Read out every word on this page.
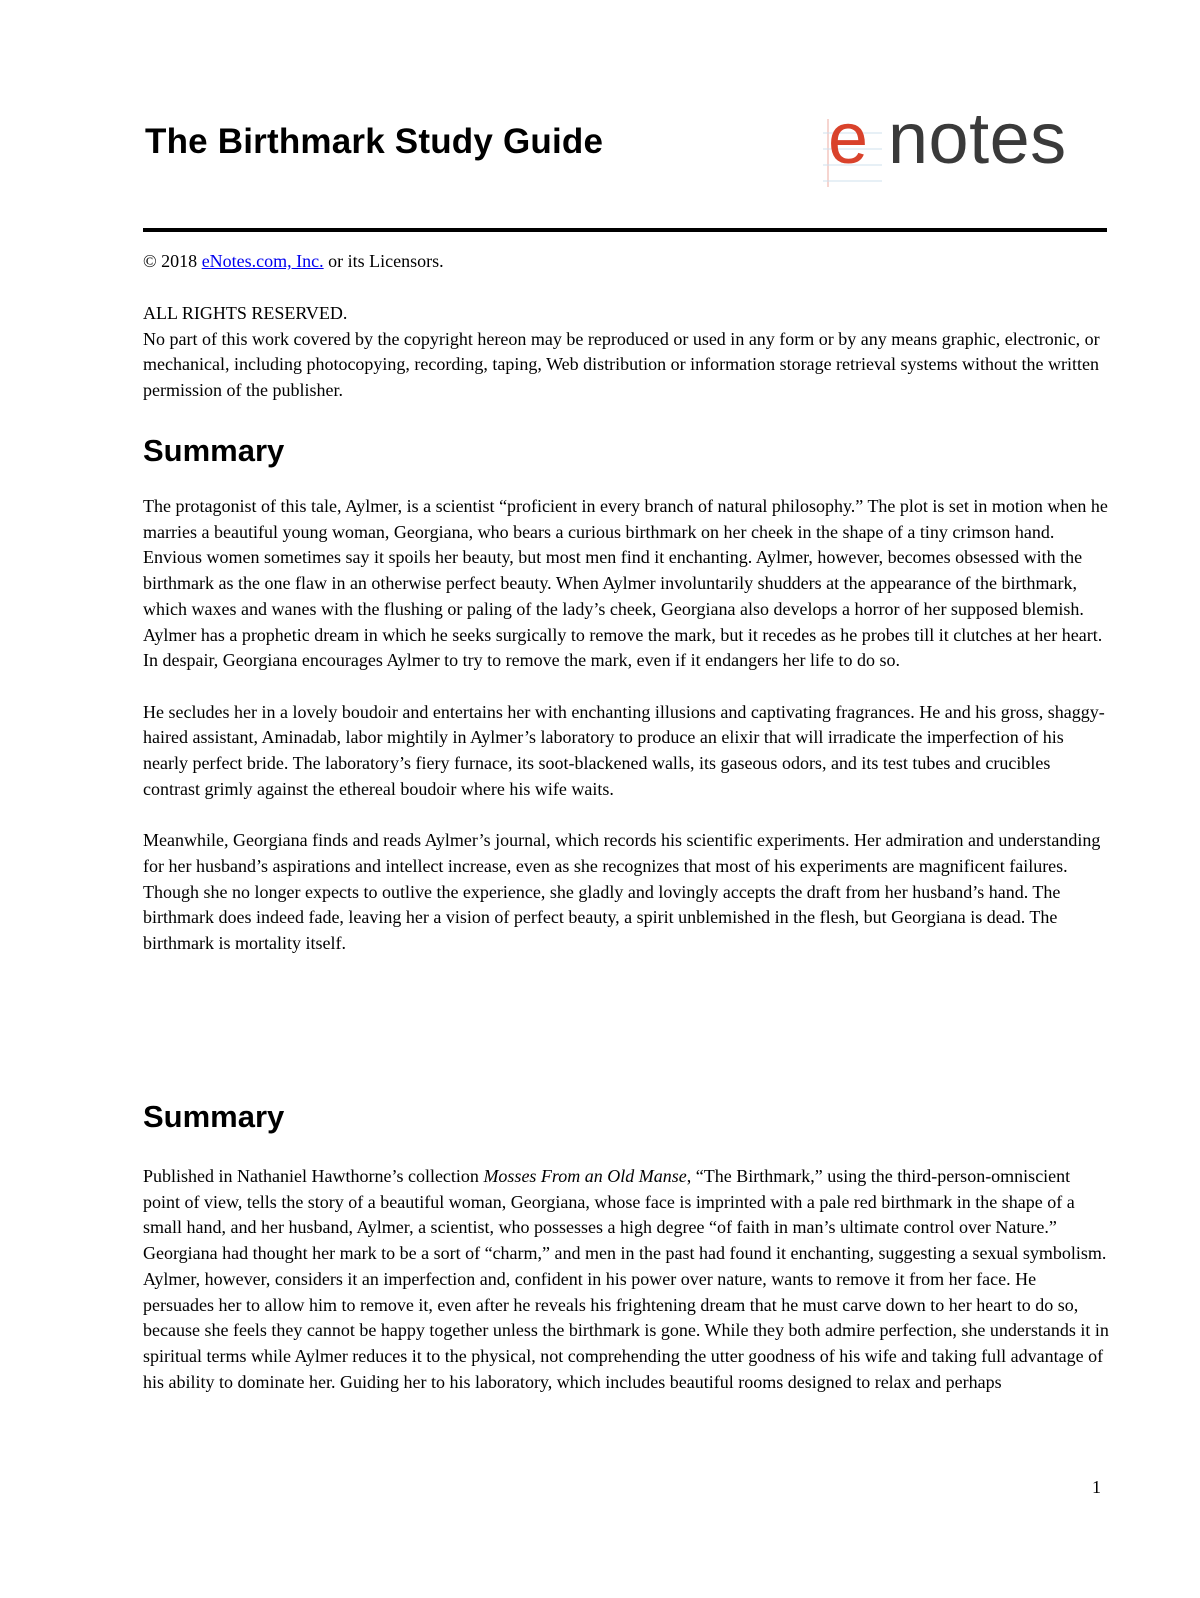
The Birthmark Study Guide	e notes

© 2018 eNotes.com, Inc. or its Licensors.

ALL RIGHTS RESERVED.

No part of this work covered by the copyright hereon may be reproduced or used in any form or by any means graphic, electronic, or mechanical, including photocopying, recording, taping, Web distribution or information storage retrieval systems without the written permission of the publisher.

Summary

The protagonist of this tale, Aylmer, is a scientist “proficient in every branch of natural philosophy.” The plot is set in motion when he marries a beautiful young woman, Georgiana, who bears a curious birthmark on her cheek in the shape of a tiny crimson hand. Envious women sometimes say it spoils her beauty, but most men find it enchanting. Aylmer, however, becomes obsessed with the birthmark as the one flaw in an otherwise perfect beauty. When Aylmer involuntarily shudders at the appearance of the birthmark, which waxes and wanes with the flushing or paling of the lady’s cheek, Georgiana also develops a horror of her supposed blemish. Aylmer has a prophetic dream in which he seeks surgically to remove the mark, but it recedes as he probes till it clutches at her heart. In despair, Georgiana encourages Aylmer to try to remove the mark, even if it endangers her life to do so.

He secludes her in a lovely boudoir and entertains her with enchanting illusions and captivating fragrances. He and his gross, shaggy-haired assistant, Aminadab, labor mightily in Aylmer’s laboratory to produce an elixir that will irradicate the imperfection of his nearly perfect bride. The laboratory’s fiery furnace, its soot-blackened walls, its gaseous odors, and its test tubes and crucibles contrast grimly against the ethereal boudoir where his wife waits.

Meanwhile, Georgiana finds and reads Aylmer’s journal, which records his scientific experiments. Her admiration and understanding for her husband’s aspirations and intellect increase, even as she recognizes that most of his experiments are magnificent failures. Though she no longer expects to outlive the experience, she gladly and lovingly accepts the draft from her husband’s hand. The birthmark does indeed fade, leaving her a vision of perfect beauty, a spirit unblemished in the flesh, but Georgiana is dead. The birthmark is mortality itself.

Summary

Published in Nathaniel Hawthorne’s collection Mosses From an Old Manse, “The Birthmark,” using the third-person-omniscient point of view, tells the story of a beautiful woman, Georgiana, whose face is imprinted with a pale red birthmark in the shape of a small hand, and her husband, Aylmer, a scientist, who possesses a high degree “of faith in man’s ultimate control over Nature.” Georgiana had thought her mark to be a sort of “charm,” and men in the past had found it enchanting, suggesting a sexual symbolism. Aylmer, however, considers it an imperfection and, confident in his power over nature, wants to remove it from her face. He persuades her to allow him to remove it, even after he reveals his frightening dream that he must carve down to her heart to do so, because she feels they cannot be happy together unless the birthmark is gone. While they both admire perfection, she understands it in spiritual terms while Aylmer reduces it to the physical, not comprehending the utter goodness of his wife and taking full advantage of his ability to dominate her. Guiding her to his laboratory, which includes beautiful rooms designed to relax and perhaps

1
